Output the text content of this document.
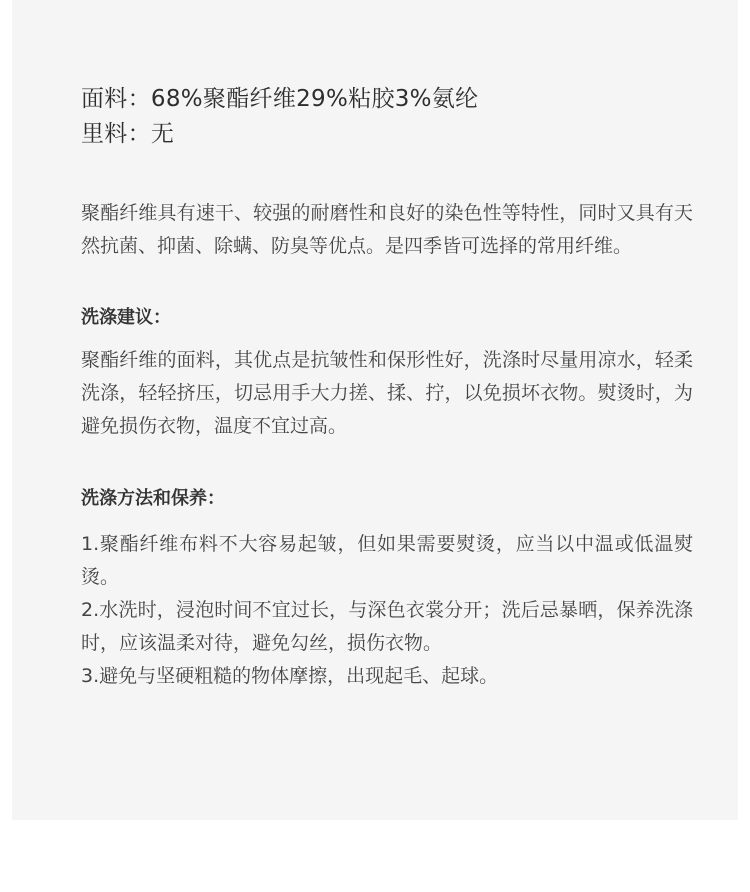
面料：68%聚酯纤维29%粘胶3%氨纶
里料：无

聚酯纤维具有速干、较强的耐磨性和良好的染色性等特性，同时又具有天然抗菌、抑菌、除螨、防臭等优点。是四季皆可选择的常用纤维。

洗涤建议：

聚酯纤维的面料，其优点是抗皱性和保形性好，洗涤时尽量用凉水，轻柔洗涤，轻轻挤压，切忌用手大力搓、揉、拧，以免损坏衣物。熨烫时，为避免损伤衣物，温度不宜过高。

洗涤方法和保养：

1.聚酯纤维布料不大容易起皱，但如果需要熨烫，应当以中温或低温熨烫。

2.水洗时，浸泡时间不宜过长，与深色衣裳分开；洗后忌暴晒，保养洗涤时，应该温柔对待，避免勾丝，损伤衣物。

3.避免与坚硬粗糙的物体摩擦，出现起毛、起球。
